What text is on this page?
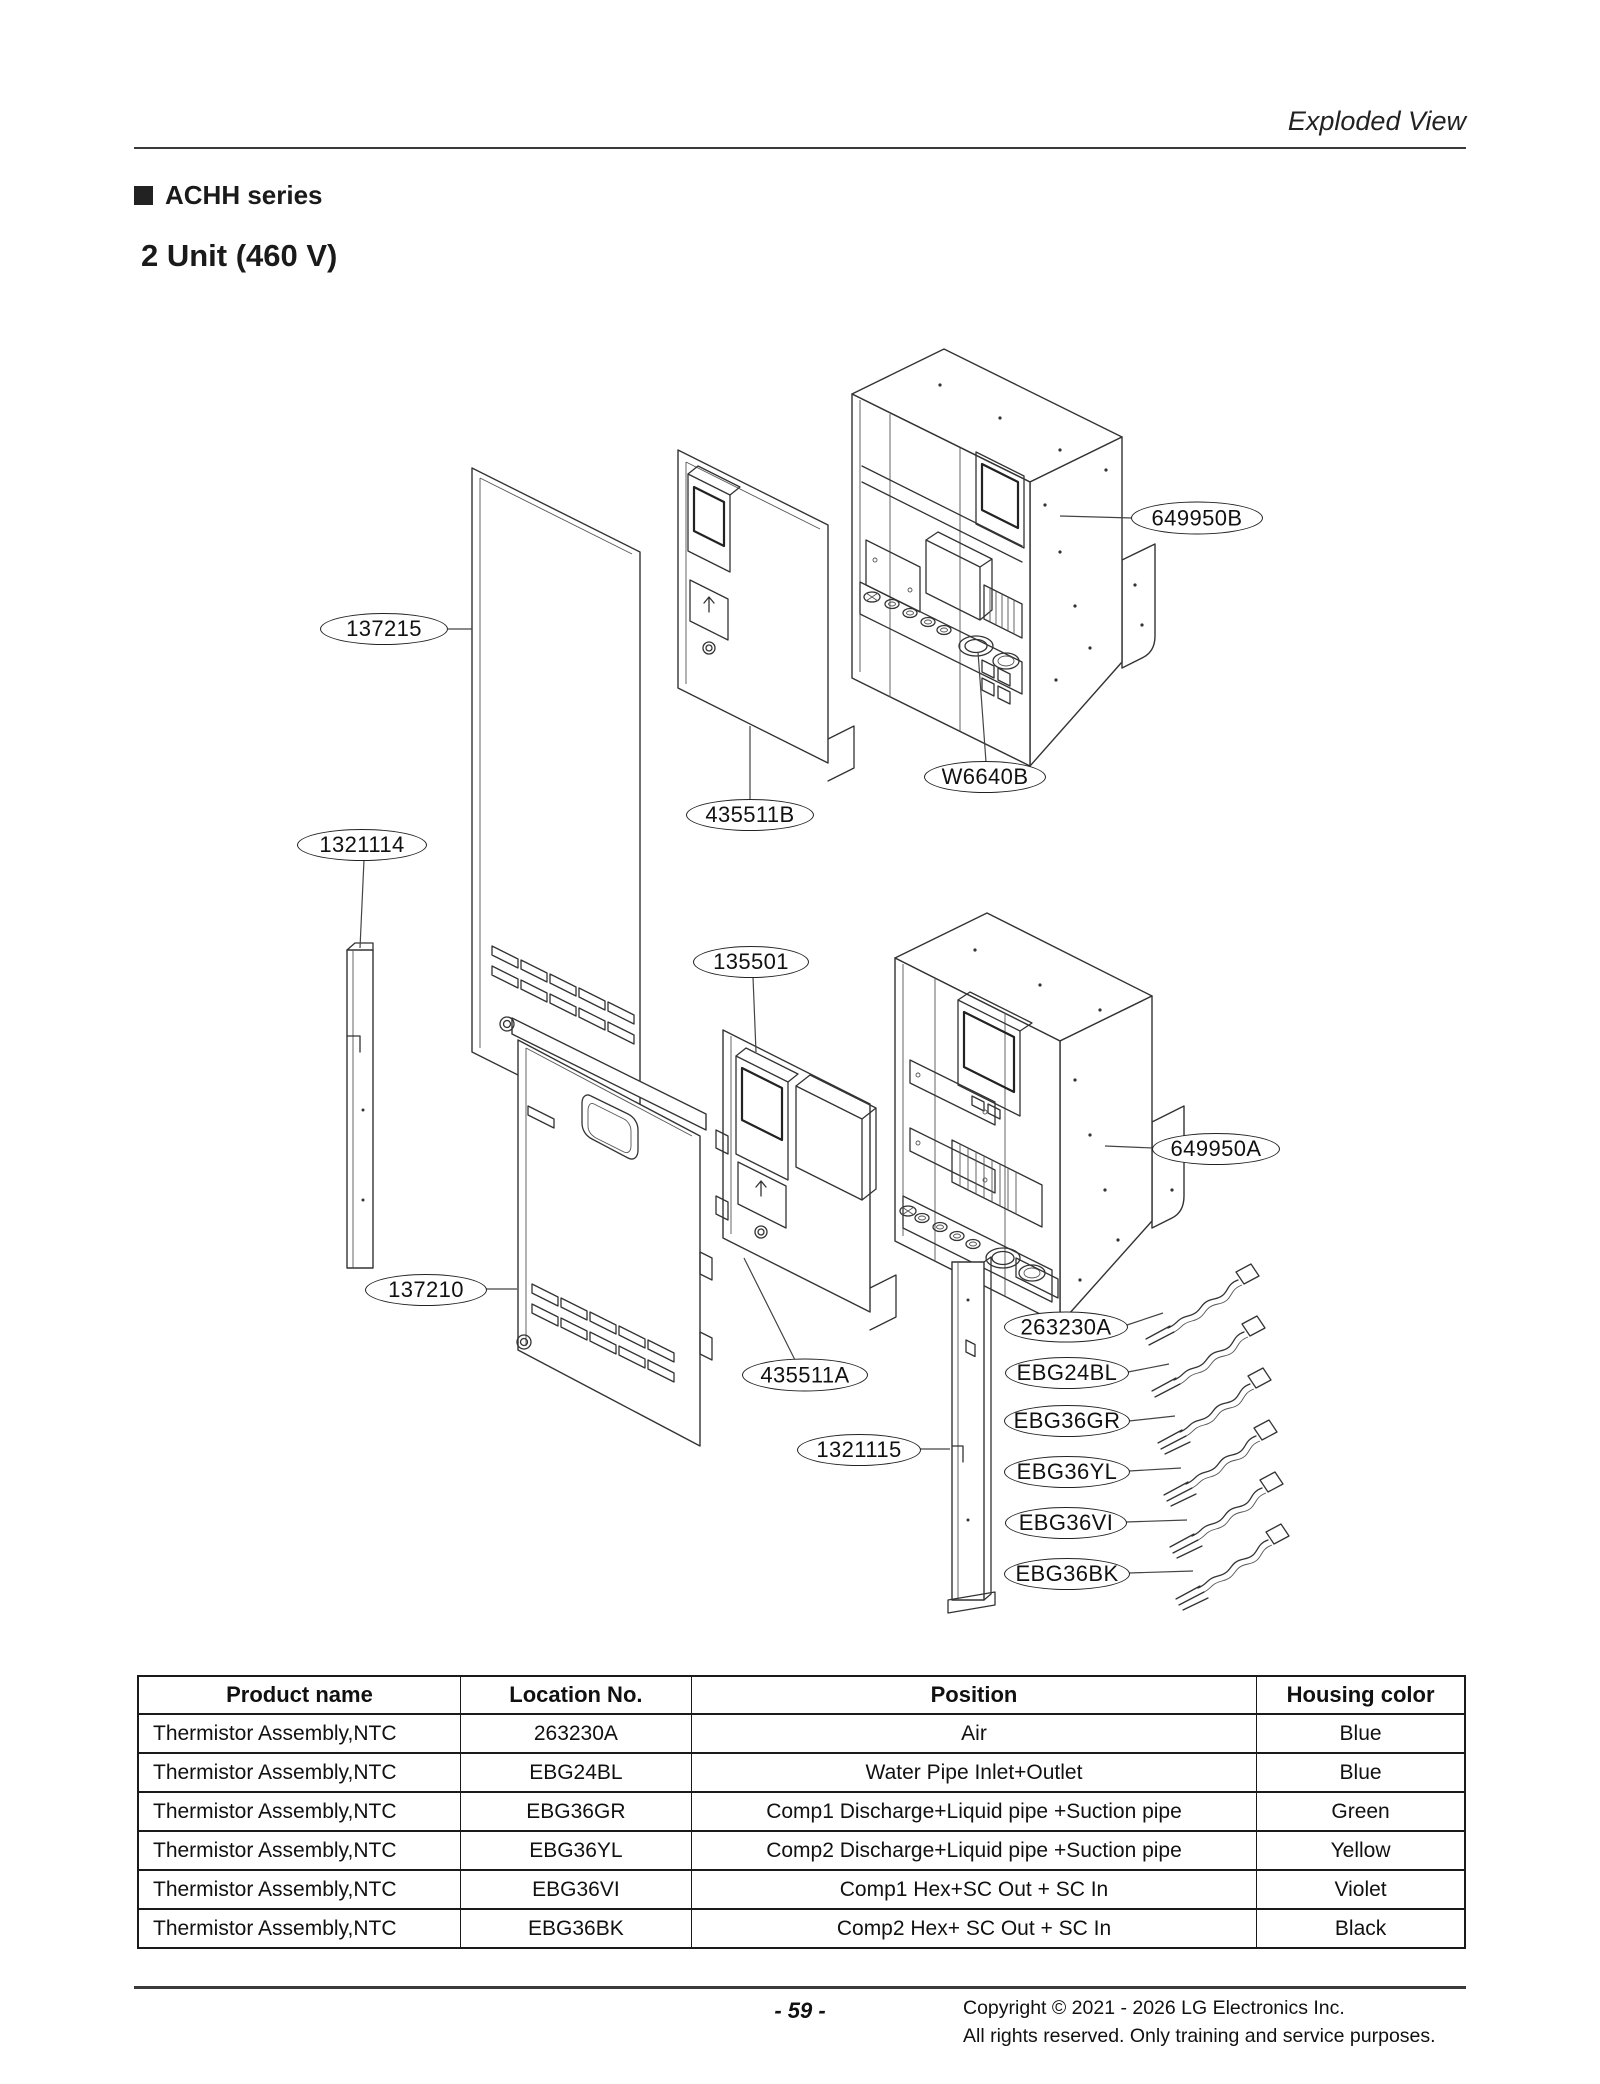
Exploded View
ACHH series
2 Unit (460 V)
649950B
137215
W6640B
435511B
1321114
135501
649950A
137210
435511A
1321115
263230A
EBG24BL
EBG36GR
EBG36YL
EBG36VI
EBG36BK
Product name	Location No.	Position	Housing color
Thermistor Assembly,NTC	263230A	Air	Blue
Thermistor Assembly,NTC	EBG24BL	Water Pipe Inlet+Outlet	Blue
Thermistor Assembly,NTC	EBG36GR	Comp1 Discharge+Liquid pipe +Suction pipe	Green
Thermistor Assembly,NTC	EBG36YL	Comp2 Discharge+Liquid pipe +Suction pipe	Yellow
Thermistor Assembly,NTC	EBG36VI	Comp1 Hex+SC Out + SC In	Violet
Thermistor Assembly,NTC	EBG36BK	Comp2 Hex+ SC Out + SC In	Black
- 59 -	Copyright © 2021 - 2026 LG Electronics Inc.
All rights reserved. Only training and service purposes.
